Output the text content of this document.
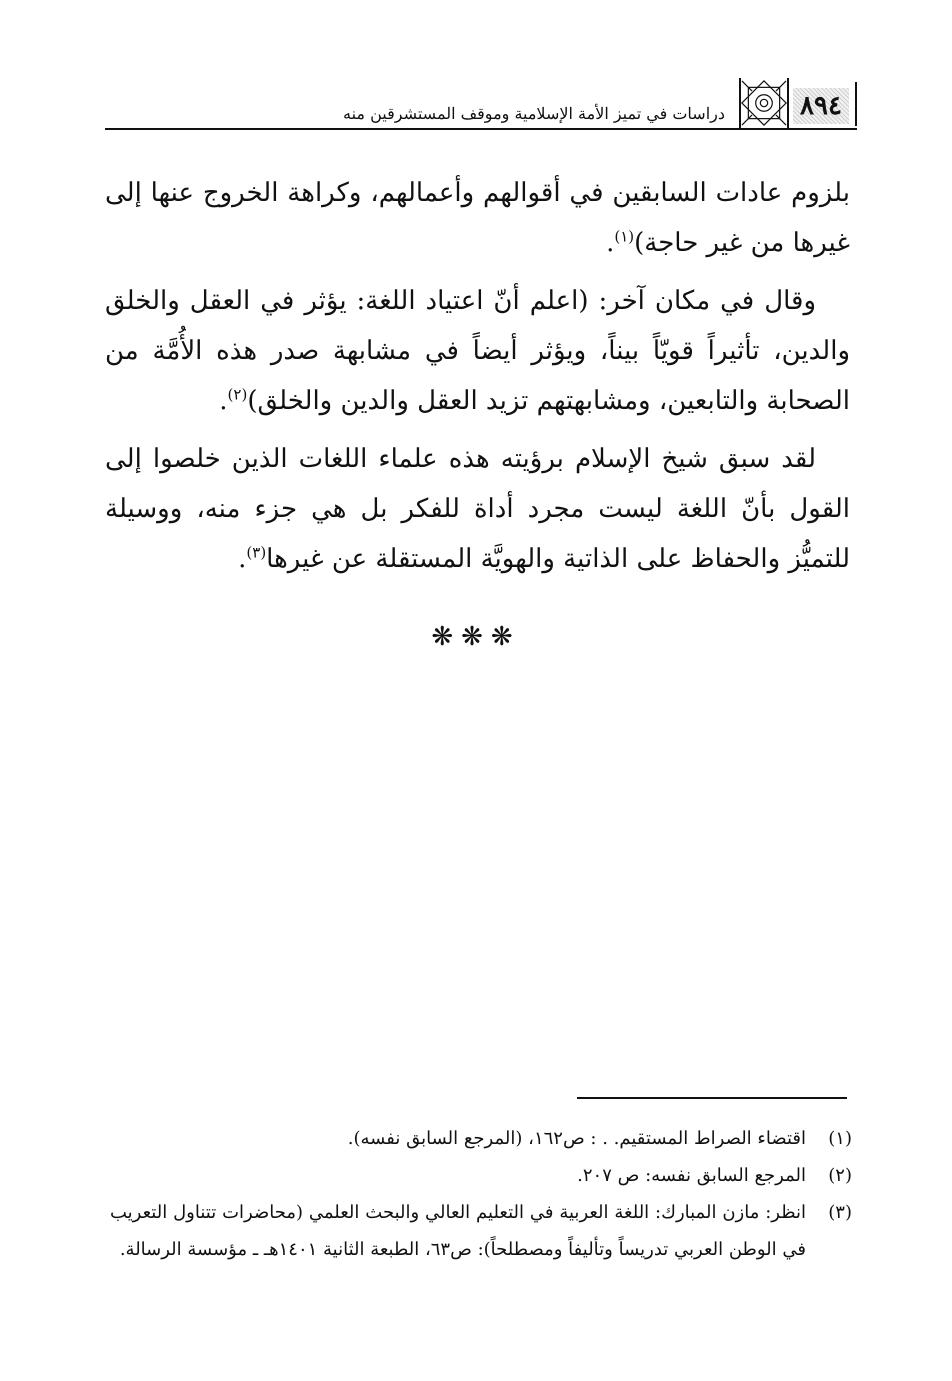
دراسات في تميز الأمة الإسلامية وموقف المستشرقين منه	٨٩٤

بلزوم عادات السابقين في أقوالهم وأعمالهم، وكراهة الخروج عنها إلى غيرها من غير حاجة)$^{(١)}$.

وقال في مكان آخر: (اعلم أنّ اعتياد اللغة: يؤثر في العقل والخلق والدين، تأثيراً قويّاً بيناً، ويؤثر أيضاً في مشابهة صدر هذه الأُمَّة من الصحابة والتابعين، ومشابهتهم تزيد العقل والدين والخلق)$^{(٢)}$.

لقد سبق شيخ الإسلام برؤيته هذه علماء اللغات الذين خلصوا إلى القول بأنّ اللغة ليست مجرد أداة للفكر بل هي جزء منه، ووسيلة للتميُّز والحفاظ على الذاتية والهويَّة المستقلة عن غيرها$^{(٣)}$.

❋❋❋
(١)
اقتضاء الصراط المستقيم. . : ص١٦٢، (المرجع السابق نفسه).
(٢)
المرجع السابق نفسه: ص ٢٠٧.
(٣)
انظر: مازن المبارك: اللغة العربية في التعليم العالي والبحث العلمي (محاضرات تتناول التعريب في الوطن العربي تدريساً وتأليفاً ومصطلحاً): ص٦٣، الطبعة الثانية ١٤٠١هـ ـ مؤسسة الرسالة.
